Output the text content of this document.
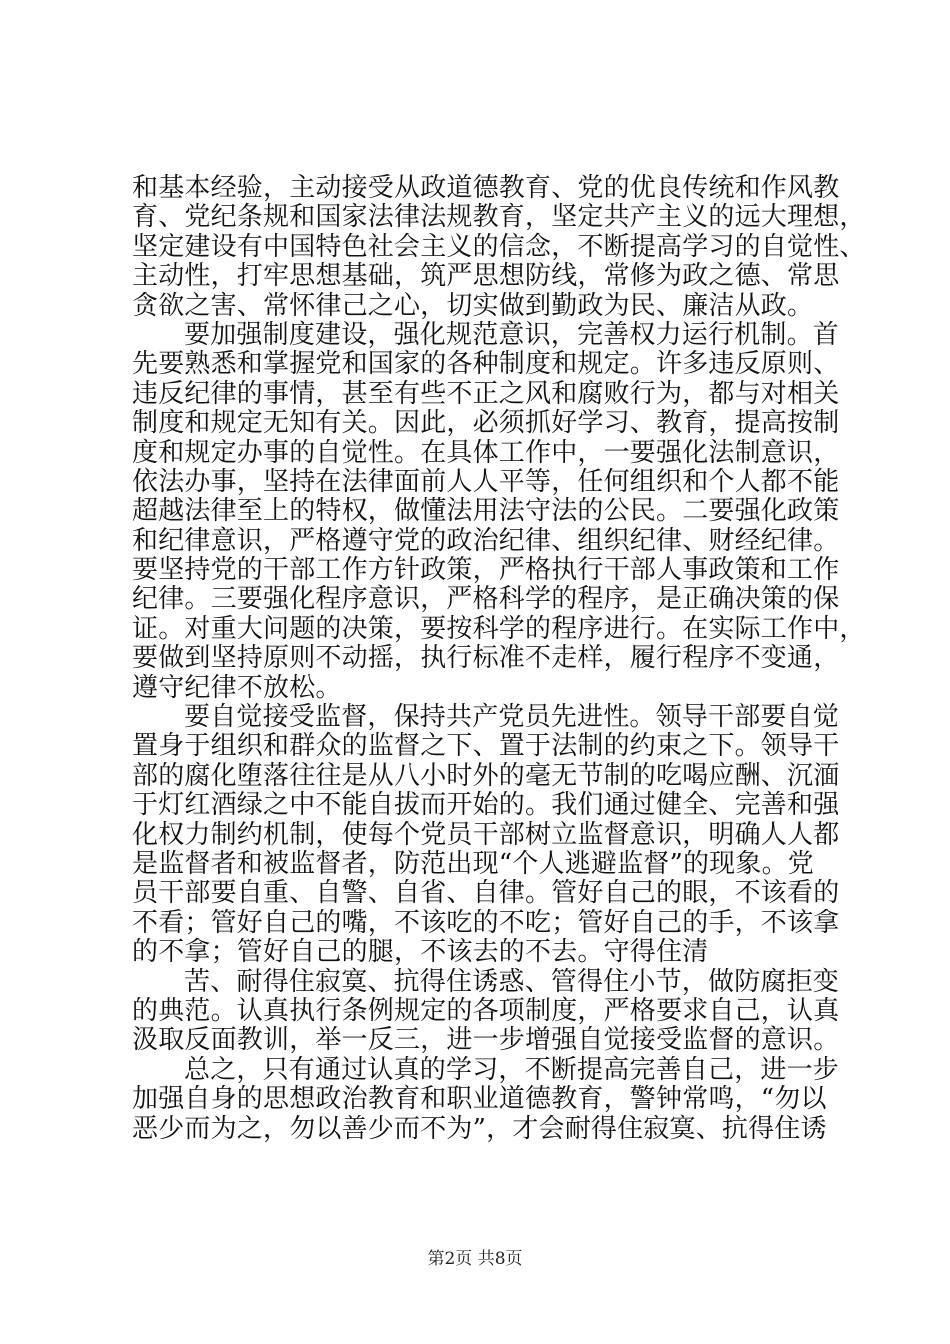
和基本经验，主动接受从政道德教育、党的优良传统和作风教
育、党纪条规和国家法律法规教育，坚定共产主义的远大理想，
坚定建设有中国特色社会主义的信念，不断提高学习的自觉性、
主动性，打牢思想基础，筑严思想防线，常修为政之德、常思
贪欲之害、常怀律己之心，切实做到勤政为民、廉洁从政。
要加强制度建设，强化规范意识，完善权力运行机制。首
先要熟悉和掌握党和国家的各种制度和规定。许多违反原则、
违反纪律的事情，甚至有些不正之风和腐败行为，都与对相关
制度和规定无知有关。因此，必须抓好学习、教育，提高按制
度和规定办事的自觉性。在具体工作中，一要强化法制意识，
依法办事，坚持在法律面前人人平等，任何组织和个人都不能
超越法律至上的特权，做懂法用法守法的公民。二要强化政策
和纪律意识，严格遵守党的政治纪律、组织纪律、财经纪律。
要坚持党的干部工作方针政策，严格执行干部人事政策和工作
纪律。三要强化程序意识，严格科学的程序，是正确决策的保
证。对重大问题的决策，要按科学的程序进行。在实际工作中，
要做到坚持原则不动摇，执行标准不走样，履行程序不变通，
遵守纪律不放松。
要自觉接受监督，保持共产党员先进性。领导干部要自觉
置身于组织和群众的监督之下、置于法制的约束之下。领导干
部的腐化堕落往往是从八小时外的毫无节制的吃喝应酬、沉湎
于灯红酒绿之中不能自拔而开始的。我们通过健全、完善和强
化权力制约机制，使每个党员干部树立监督意识，明确人人都
是监督者和被监督者，防范出现“个人逃避监督”的现象。党
员干部要自重、自警、自省、自律。管好自己的眼，不该看的
不看；管好自己的嘴，不该吃的不吃；管好自己的手，不该拿
的不拿；管好自己的腿，不该去的不去。守得住清
苦、耐得住寂寞、抗得住诱惑、管得住小节，做防腐拒变
的典范。认真执行条例规定的各项制度，严格要求自己，认真
汲取反面教训，举一反三，进一步增强自觉接受监督的意识。
总之，只有通过认真的学习，不断提高完善自己，进一步
加强自身的思想政治教育和职业道德教育，警钟常鸣，“勿以
恶少而为之，勿以善少而不为”，才会耐得住寂寞、抗得住诱
第2页 共8页
